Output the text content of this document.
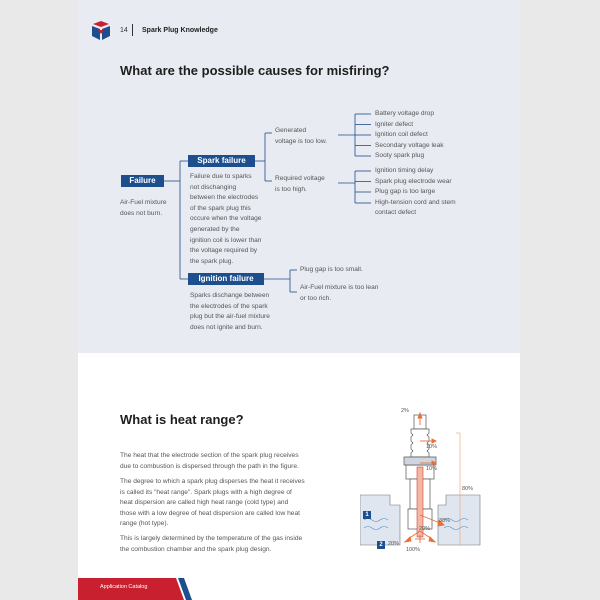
14 Spark Plug Knowledge
What are the possible causes for misfiring?
Failure
Air-Fuel mixture
does not burn.
Spark failure
Failure due to sparks
not dischanging
between the electrodes
of the spark plug this
occure when the voltage
generated by the
ignition coil is lower than
the voltage required by
the spark plug.
Generated
voltage is too low.
Battery voltage drop
Igniter defect
Ignition coil defect
Secondary voltage leak
Sooty spark plug
Required voltage
is too high.
Ignition timing delay
Spark plug electrode wear
Plug gap is too large
High-tension cord and stem
contact defect
Ignition failure
Sparks dischange between
the electrodes of the spark
plug but the air-fuel mixture
does not ignite and burn.
Plug gap is too small.
Air-Fuel mixture is too lean
or too rich.
What is heat range?
The heat that the electrode section of the spark plug receives
due to combustion is dispersed through the path in the figure.
The degree to which a spark plug disperses the heat it receives
is called its "heat range". Spark plugs with a high degree of
heat dispersion are called high heat range (cold type) and
those with a low degree of heat dispersion are called low heat
range (hot type).
This is largely determined by the temperature of the gas inside
the combustion chamber and the spark plug design.
2%
10%
10%
80%
38%
20%
20%
100%
1
2
Application Catalog
